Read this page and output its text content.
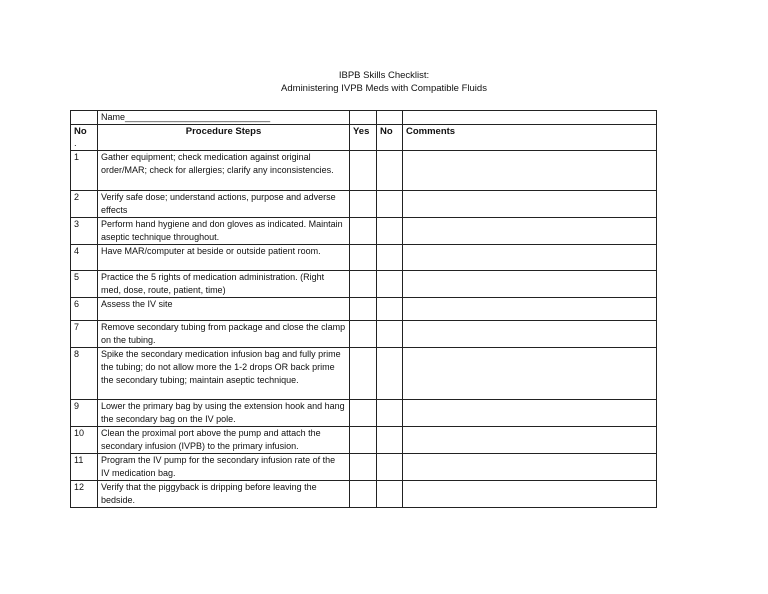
IBPB Skills Checklist:
Administering IVPB Meds with Compatible Fluids
	Name_____________________________			
No
.	Procedure Steps	Yes	No	Comments
1	Gather equipment; check medication against original order/MAR; check for allergies; clarify any inconsistencies.			
2	Verify safe dose; understand actions, purpose and adverse effects			
3	Perform hand hygiene and don gloves as indicated. Maintain aseptic technique throughout.			
4	Have MAR/computer at beside or outside patient room.			
5	Practice the 5 rights of medication administration. (Right med, dose, route, patient, time)			
6	Assess the IV site			
7	Remove secondary tubing from package and close the clamp on the tubing.			
8	Spike the secondary medication infusion bag and fully prime the tubing; do not allow more the 1-2 drops OR back prime the secondary tubing; maintain aseptic technique.			
9	Lower the primary bag by using the extension hook and hang the secondary bag on the IV pole.			
10	Clean the proximal port above the pump and attach the secondary infusion (IVPB) to the primary infusion.			
11	Program the IV pump for the secondary infusion rate of the IV medication bag.			
12	Verify that the piggyback is dripping before leaving the bedside.			
